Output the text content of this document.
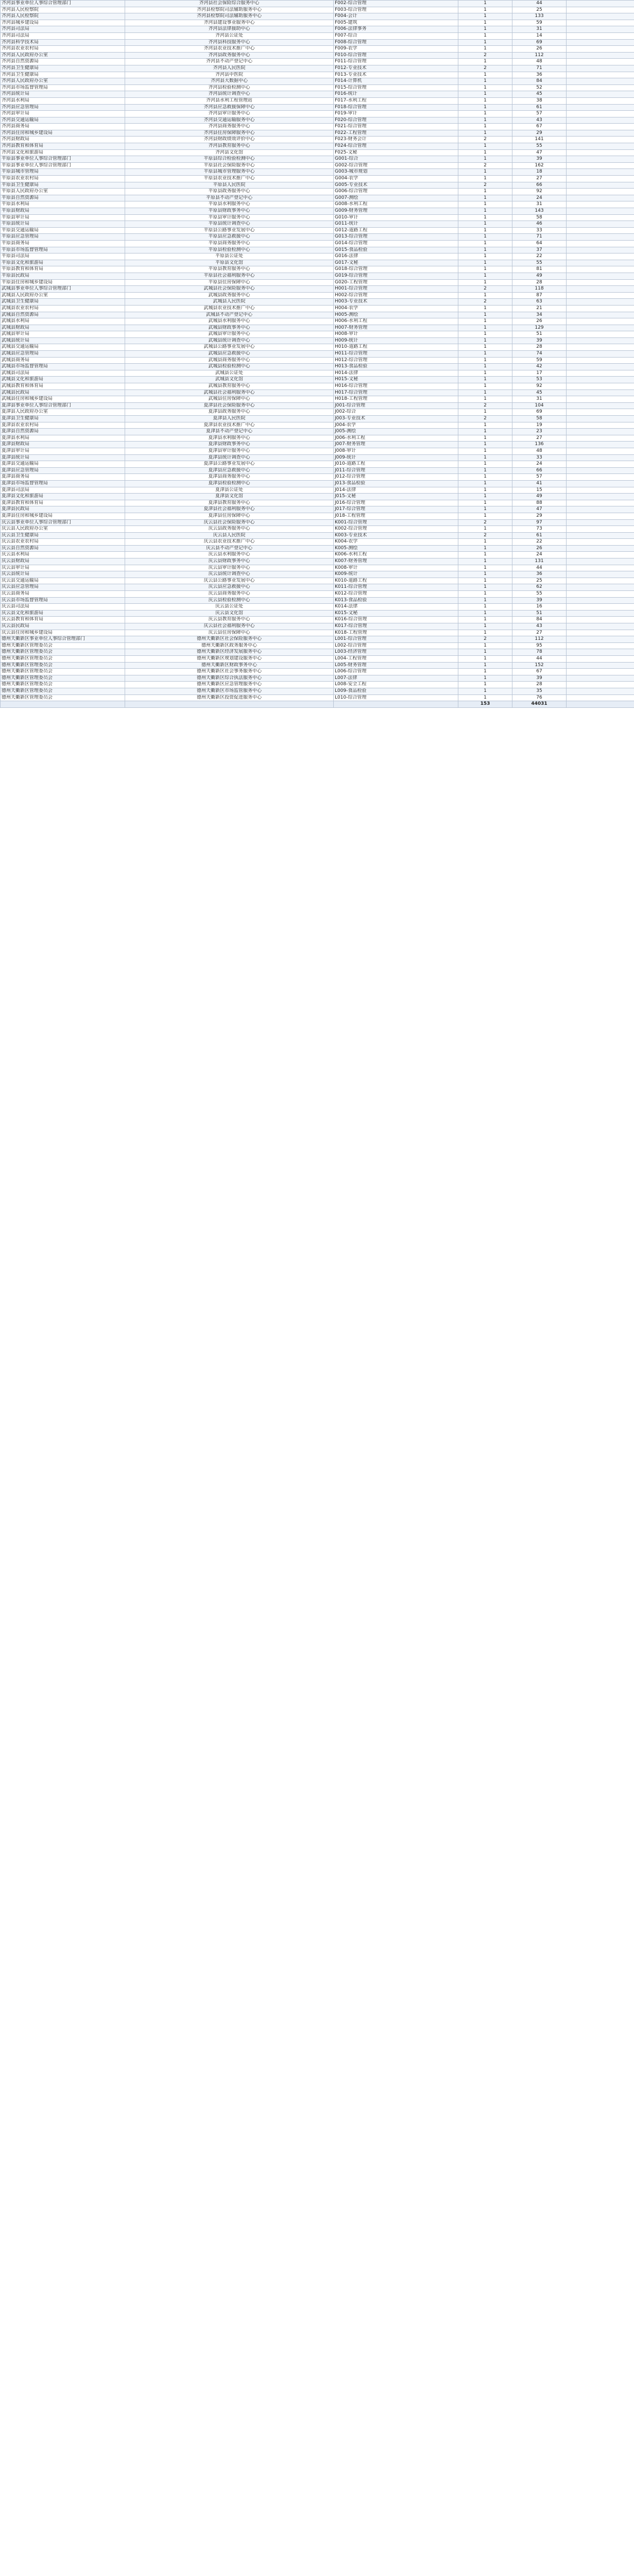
齐河县事业单位人事综合管理部门	齐河县社会保险综合服务中心	F002-综合管理	1	44	
齐河县人民检察院	齐河县检察院司法辅助服务中心	F003-综合管理	1	25	
齐河县人民检察院	齐河县检察院司法辅助服务中心	F004-会计	1	133	
齐河县城乡建设局	齐河县建设事业服务中心	F005-建筑	1	59	
齐河县司法局	齐河县法律援助中心	F006-法律事务	1	31	
齐河县司法局	齐河县公证处	F007-综合	1	14	
齐河县科学技术局	齐河县科技服务中心	F008-综合管理	1	69	
齐河县农业农村局	齐河县农业技术推广中心	F009-农学	1	26	
齐河县人民政府办公室	齐河县政务服务中心	F010-综合管理	2	112	
齐河县自然资源局	齐河县不动产登记中心	F011-综合管理	1	48	
齐河县卫生健康局	齐河县人民医院	F012-专业技术	2	71	
齐河县卫生健康局	齐河县中医院	F013-专业技术	1	36	
齐河县人民政府办公室	齐河县大数据中心	F014-计算机	1	84	
齐河县市场监督管理局	齐河县检验检测中心	F015-综合管理	1	52	
齐河县统计局	齐河县统计调查中心	F016-统计	1	45	
齐河县水利局	齐河县水利工程管理站	F017-水利工程	1	38	
齐河县应急管理局	齐河县应急救援保障中心	F018-综合管理	1	61	
齐河县审计局	齐河县审计服务中心	F019-审计	1	57	
齐河县交通运输局	齐河县交通运输服务中心	F020-综合管理	1	43	
齐河县商务局	齐河县商务服务中心	F021-综合管理	1	67	
齐河县住房和城乡建设局	齐河县住房保障服务中心	F022-工程管理	1	29	
齐河县财政局	齐河县财政绩效评价中心	F023-财务会计	2	141	
齐河县教育和体育局	齐河县教育服务中心	F024-综合管理	1	55	
齐河县文化和旅游局	齐河县文化馆	F025-文秘	1	47	
平原县事业单位人事综合管理部门	平原县综合检验检测中心	G001-综合	1	39	
平原县事业单位人事综合管理部门	平原县社会保险服务中心	G002-综合管理	2	162	
平原县城市管理局	平原县城市管理服务中心	G003-城市规划	1	18	
平原县农业农村局	平原县农业技术推广中心	G004-农学	1	27	
平原县卫生健康局	平原县人民医院	G005-专业技术	2	66	
平原县人民政府办公室	平原县政务服务中心	G006-综合管理	1	92	
平原县自然资源局	平原县不动产登记中心	G007-测绘	1	24	
平原县水利局	平原县水利服务中心	G008-水利工程	1	31	
平原县财政局	平原县财政事务中心	G009-财务管理	1	143	
平原县审计局	平原县审计服务中心	G010-审计	1	58	
平原县统计局	平原县统计调查中心	G011-统计	1	46	
平原县交通运输局	平原县公路事业发展中心	G012-道路工程	1	33	
平原县应急管理局	平原县应急救援中心	G013-综合管理	1	71	
平原县商务局	平原县商务服务中心	G014-综合管理	1	64	
平原县市场监督管理局	平原县检验检测中心	G015-食品检验	1	37	
平原县司法局	平原县公证处	G016-法律	1	22	
平原县文化和旅游局	平原县文化馆	G017-文秘	1	55	
平原县教育和体育局	平原县教育服务中心	G018-综合管理	1	81	
平原县民政局	平原县社会福利服务中心	G019-综合管理	1	49	
平原县住房和城乡建设局	平原县住房保障中心	G020-工程管理	1	28	
武城县事业单位人事综合管理部门	武城县社会保险服务中心	H001-综合管理	2	118	
武城县人民政府办公室	武城县政务服务中心	H002-综合管理	1	87	
武城县卫生健康局	武城县人民医院	H003-专业技术	2	63	
武城县农业农村局	武城县农业技术推广中心	H004-农学	1	21	
武城县自然资源局	武城县不动产登记中心	H005-测绘	1	34	
武城县水利局	武城县水利服务中心	H006-水利工程	1	26	
武城县财政局	武城县财政事务中心	H007-财务管理	1	129	
武城县审计局	武城县审计服务中心	H008-审计	1	51	
武城县统计局	武城县统计调查中心	H009-统计	1	39	
武城县交通运输局	武城县公路事业发展中心	H010-道路工程	1	28	
武城县应急管理局	武城县应急救援中心	H011-综合管理	1	74	
武城县商务局	武城县商务服务中心	H012-综合管理	1	59	
武城县市场监督管理局	武城县检验检测中心	H013-食品检验	1	42	
武城县司法局	武城县公证处	H014-法律	1	17	
武城县文化和旅游局	武城县文化馆	H015-文秘	1	53	
武城县教育和体育局	武城县教育服务中心	H016-综合管理	1	92	
武城县民政局	武城县社会福利服务中心	H017-综合管理	1	45	
武城县住房和城乡建设局	武城县住房保障中心	H018-工程管理	1	31	
夏津县事业单位人事综合管理部门	夏津县社会保险服务中心	J001-综合管理	2	104	
夏津县人民政府办公室	夏津县政务服务中心	J002-综合	1	69	
夏津县卫生健康局	夏津县人民医院	J003-专业技术	2	58	
夏津县农业农村局	夏津县农业技术推广中心	J004-农学	1	19	
夏津县自然资源局	夏津县不动产登记中心	J005-测绘	1	23	
夏津县水利局	夏津县水利服务中心	J006-水利工程	1	27	
夏津县财政局	夏津县财政事务中心	J007-财务管理	1	136	
夏津县审计局	夏津县审计服务中心	J008-审计	1	48	
夏津县统计局	夏津县统计调查中心	J009-统计	1	33	
夏津县交通运输局	夏津县公路事业发展中心	J010-道路工程	1	24	
夏津县应急管理局	夏津县应急救援中心	J011-综合管理	1	66	
夏津县商务局	夏津县商务服务中心	J012-综合管理	1	57	
夏津县市场监督管理局	夏津县检验检测中心	J013-食品检验	1	41	
夏津县司法局	夏津县公证处	J014-法律	1	15	
夏津县文化和旅游局	夏津县文化馆	J015-文秘	1	49	
夏津县教育和体育局	夏津县教育服务中心	J016-综合管理	1	88	
夏津县民政局	夏津县社会福利服务中心	J017-综合管理	1	47	
夏津县住房和城乡建设局	夏津县住房保障中心	J018-工程管理	1	29	
庆云县事业单位人事综合管理部门	庆云县社会保险服务中心	K001-综合管理	2	97	
庆云县人民政府办公室	庆云县政务服务中心	K002-综合管理	1	73	
庆云县卫生健康局	庆云县人民医院	K003-专业技术	2	61	
庆云县农业农村局	庆云县农业技术推广中心	K004-农学	1	22	
庆云县自然资源局	庆云县不动产登记中心	K005-测绘	1	26	
庆云县水利局	庆云县水利服务中心	K006-水利工程	1	24	
庆云县财政局	庆云县财政事务中心	K007-财务管理	1	131	
庆云县审计局	庆云县审计服务中心	K008-审计	1	44	
庆云县统计局	庆云县统计调查中心	K009-统计	1	36	
庆云县交通运输局	庆云县公路事业发展中心	K010-道路工程	1	25	
庆云县应急管理局	庆云县应急救援中心	K011-综合管理	1	62	
庆云县商务局	庆云县商务服务中心	K012-综合管理	1	55	
庆云县市场监督管理局	庆云县检验检测中心	K013-食品检验	1	39	
庆云县司法局	庆云县公证处	K014-法律	1	16	
庆云县文化和旅游局	庆云县文化馆	K015-文秘	1	51	
庆云县教育和体育局	庆云县教育服务中心	K016-综合管理	1	84	
庆云县民政局	庆云县社会福利服务中心	K017-综合管理	1	43	
庆云县住房和城乡建设局	庆云县住房保障中心	K018-工程管理	1	27	
德州天衢新区事业单位人事综合管理部门	德州天衢新区社会保险服务中心	L001-综合管理	2	112	
德州天衢新区管理委员会	德州天衢新区政务服务中心	L002-综合管理	1	95	
德州天衢新区管理委员会	德州天衢新区经济发展服务中心	L003-经济管理	1	78	
德州天衢新区管理委员会	德州天衢新区规划建设服务中心	L004-工程管理	1	44	
德州天衢新区管理委员会	德州天衢新区财政事务中心	L005-财务管理	1	152	
德州天衢新区管理委员会	德州天衢新区社会事务服务中心	L006-综合管理	1	67	
德州天衢新区管理委员会	德州天衢新区综合执法服务中心	L007-法律	1	39	
德州天衢新区管理委员会	德州天衢新区应急管理服务中心	L008-安全工程	1	28	
德州天衢新区管理委员会	德州天衢新区市场监管服务中心	L009-食品检验	1	35	
德州天衢新区管理委员会	德州天衢新区投资促进服务中心	L010-综合管理	1	76	
			153	44031	
